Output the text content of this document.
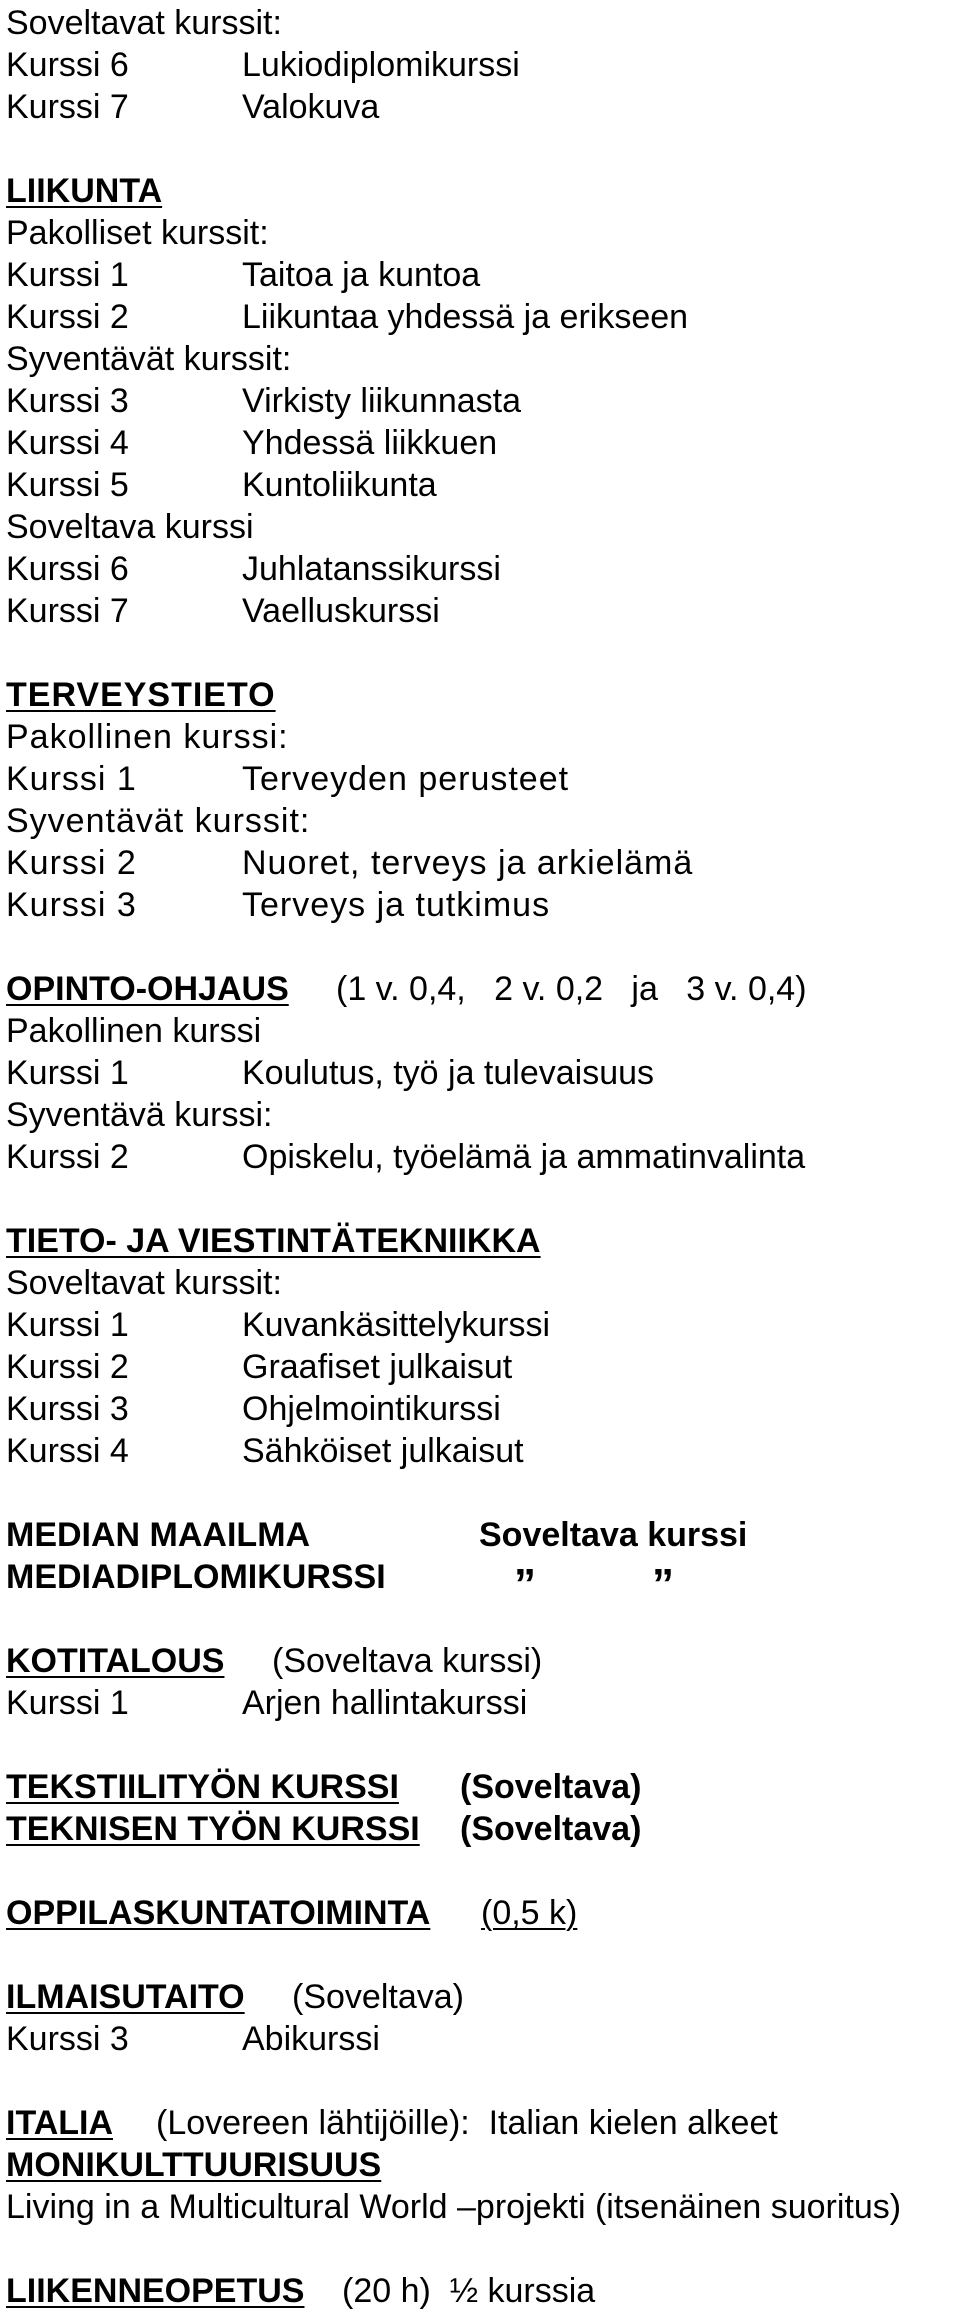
Soveltavat kurssit:
Kurssi 6	Lukiodiplomikurssi
Kurssi 7	Valokuva
LIIKUNTA
Pakolliset kurssit:
Kurssi 1	Taitoa ja kuntoa
Kurssi 2	Liikuntaa yhdessä ja erikseen
Syventävät kurssit:
Kurssi 3	Virkisty liikunnasta
Kurssi 4	Yhdessä liikkuen
Kurssi 5	Kuntoliikunta
Soveltava kurssi
Kurssi 6	Juhlatanssikurssi
Kurssi 7	Vaelluskurssi
TERVEYSTIETO
Pakollinen kurssi:
Kurssi 1	Terveyden perusteet
Syventävät kurssit:
Kurssi 2	Nuoret, terveys ja arkielämä
Kurssi 3	Terveys ja tutkimus
OPINTO-OHJAUS (1 v. 0,4,   2 v. 0,2   ja   3 v. 0,4)
Pakollinen kurssi
Kurssi 1	Koulutus, työ ja tulevaisuus
Syventävä kurssi:
Kurssi 2	Opiskelu, työelämä ja ammatinvalinta
TIETO- JA VIESTINTÄTEKNIIKKA
Soveltavat kurssit:
Kurssi 1	Kuvankäsittelykurssi
Kurssi 2	Graafiset julkaisut
Kurssi 3	Ohjelmointikurssi
Kurssi 4	Sähköiset julkaisut
MEDIAN MAAILMA	Soveltava kurssi
MEDIADIPLOMIKURSSI	”	”
KOTITALOUS (Soveltava kurssi)
Kurssi 1	Arjen hallintakurssi
TEKSTIILITYÖN KURSSI (Soveltava)
TEKNISEN TYÖN KURSSI (Soveltava)
OPPILASKUNTATOIMINTA (0,5 k)
ILMAISUTAITO (Soveltava)
Kurssi 3	Abikurssi
ITALIA (Lovereen lähtijöille):  Italian kielen alkeet
MONIKULTTUURISUUS
Living in a Multicultural World –projekti (itsenäinen suoritus)
LIIKENNEOPETUS (20 h)  ½ kurssia
